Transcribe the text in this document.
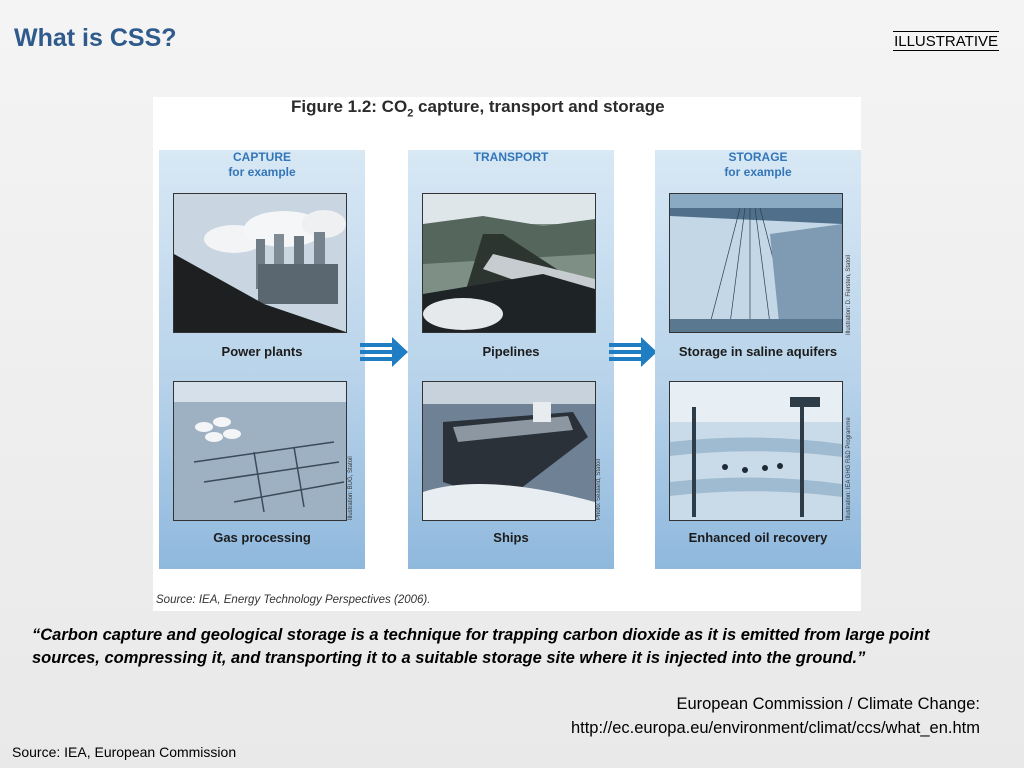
What is CSS?	ILLUSTRATIVE
Figure 1.2: $CO_2$ capture, transport and storage
CAPTURE
for example
Power plants
Gas processing
Illustration: BUG, Statoil
TRANSPORT
Pipelines
Ships
Photo: Sealand, Statoil
STORAGE
for example
Storage in saline aquifers
Enhanced oil recovery
Illustration: D. Fiersten, Statoil
Illustration: IEA GHG R&D Programme
Source: IEA, Energy Technology Perspectives (2006).
“Carbon capture and geological storage is a technique for trapping carbon dioxide as it is emitted from large point sources, compressing it, and transporting it to a suitable storage site where it is injected into the ground.”
European Commission / Climate Change:
http://ec.europa.eu/environment/climat/ccs/what_en.htm
Source: IEA, European Commission
